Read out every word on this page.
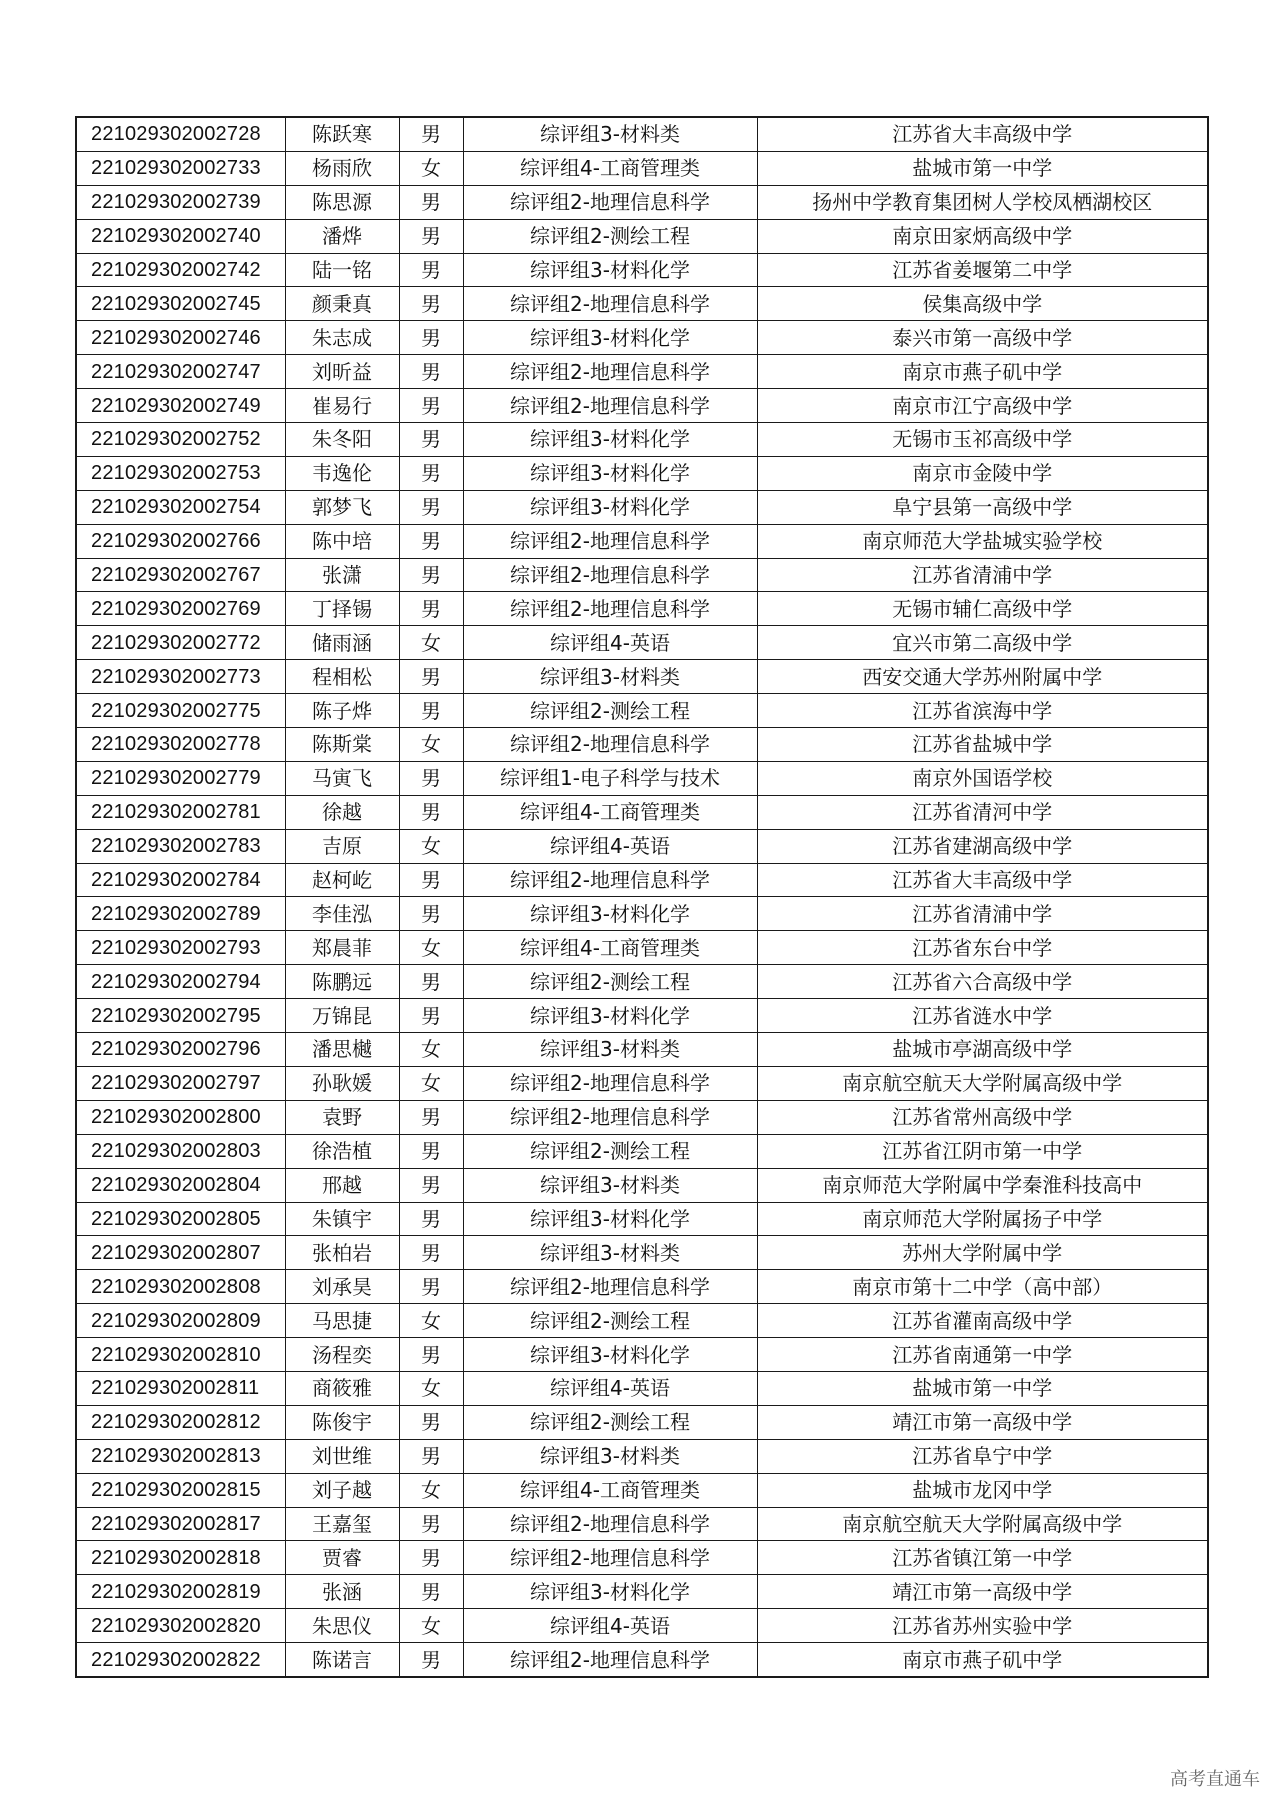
221029302002728	陈跃寒	男	综评组3-材料类	江苏省大丰高级中学
221029302002733	杨雨欣	女	综评组4-工商管理类	盐城市第一中学
221029302002739	陈思源	男	综评组2-地理信息科学	扬州中学教育集团树人学校凤栖湖校区
221029302002740	潘烨	男	综评组2-测绘工程	南京田家炳高级中学
221029302002742	陆一铭	男	综评组3-材料化学	江苏省姜堰第二中学
221029302002745	颜秉真	男	综评组2-地理信息科学	侯集高级中学
221029302002746	朱志成	男	综评组3-材料化学	泰兴市第一高级中学
221029302002747	刘昕益	男	综评组2-地理信息科学	南京市燕子矶中学
221029302002749	崔易行	男	综评组2-地理信息科学	南京市江宁高级中学
221029302002752	朱冬阳	男	综评组3-材料化学	无锡市玉祁高级中学
221029302002753	韦逸伦	男	综评组3-材料化学	南京市金陵中学
221029302002754	郭梦飞	男	综评组3-材料化学	阜宁县第一高级中学
221029302002766	陈中培	男	综评组2-地理信息科学	南京师范大学盐城实验学校
221029302002767	张潇	男	综评组2-地理信息科学	江苏省清浦中学
221029302002769	丁择锡	男	综评组2-地理信息科学	无锡市辅仁高级中学
221029302002772	储雨涵	女	综评组4-英语	宜兴市第二高级中学
221029302002773	程相松	男	综评组3-材料类	西安交通大学苏州附属中学
221029302002775	陈子烨	男	综评组2-测绘工程	江苏省滨海中学
221029302002778	陈斯棠	女	综评组2-地理信息科学	江苏省盐城中学
221029302002779	马寅飞	男	综评组1-电子科学与技术	南京外国语学校
221029302002781	徐越	男	综评组4-工商管理类	江苏省清河中学
221029302002783	吉原	女	综评组4-英语	江苏省建湖高级中学
221029302002784	赵柯屹	男	综评组2-地理信息科学	江苏省大丰高级中学
221029302002789	李佳泓	男	综评组3-材料化学	江苏省清浦中学
221029302002793	郑晨菲	女	综评组4-工商管理类	江苏省东台中学
221029302002794	陈鹏远	男	综评组2-测绘工程	江苏省六合高级中学
221029302002795	万锦昆	男	综评组3-材料化学	江苏省涟水中学
221029302002796	潘思樾	女	综评组3-材料类	盐城市亭湖高级中学
221029302002797	孙耿媛	女	综评组2-地理信息科学	南京航空航天大学附属高级中学
221029302002800	袁野	男	综评组2-地理信息科学	江苏省常州高级中学
221029302002803	徐浩植	男	综评组2-测绘工程	江苏省江阴市第一中学
221029302002804	邢越	男	综评组3-材料类	南京师范大学附属中学秦淮科技高中
221029302002805	朱镇宇	男	综评组3-材料化学	南京师范大学附属扬子中学
221029302002807	张柏岩	男	综评组3-材料类	苏州大学附属中学
221029302002808	刘承昊	男	综评组2-地理信息科学	南京市第十二中学（高中部）
221029302002809	马思捷	女	综评组2-测绘工程	江苏省灌南高级中学
221029302002810	汤程奕	男	综评组3-材料化学	江苏省南通第一中学
221029302002811	商筱雅	女	综评组4-英语	盐城市第一中学
221029302002812	陈俊宇	男	综评组2-测绘工程	靖江市第一高级中学
221029302002813	刘世维	男	综评组3-材料类	江苏省阜宁中学
221029302002815	刘子越	女	综评组4-工商管理类	盐城市龙冈中学
221029302002817	王嘉玺	男	综评组2-地理信息科学	南京航空航天大学附属高级中学
221029302002818	贾睿	男	综评组2-地理信息科学	江苏省镇江第一中学
221029302002819	张涵	男	综评组3-材料化学	靖江市第一高级中学
221029302002820	朱思仪	女	综评组4-英语	江苏省苏州实验中学
221029302002822	陈诺言	男	综评组2-地理信息科学	南京市燕子矶中学
高考直通车
